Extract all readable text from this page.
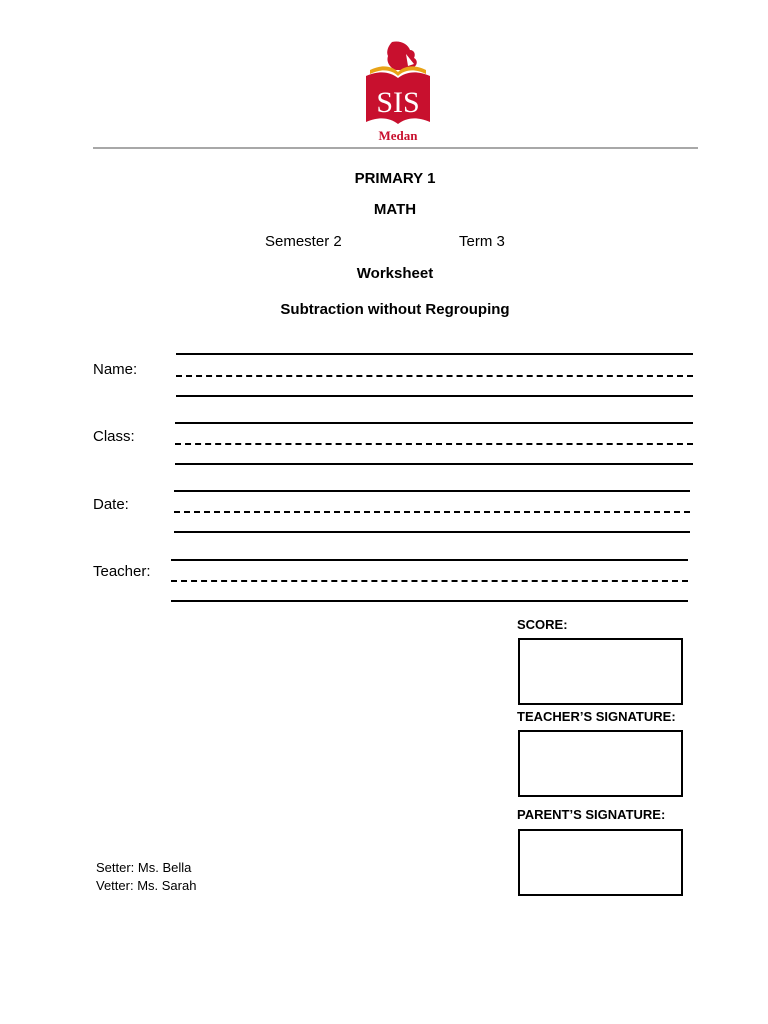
SIS
Medan
PRIMARY 1
MATH
Semester 2	Term 3
Worksheet
Subtraction without Regrouping
Name:
Class:
Date:
Teacher:
SCORE:
TEACHER’S SIGNATURE:
PARENT’S SIGNATURE:
Setter: Ms. Bella
Vetter: Ms. Sarah
